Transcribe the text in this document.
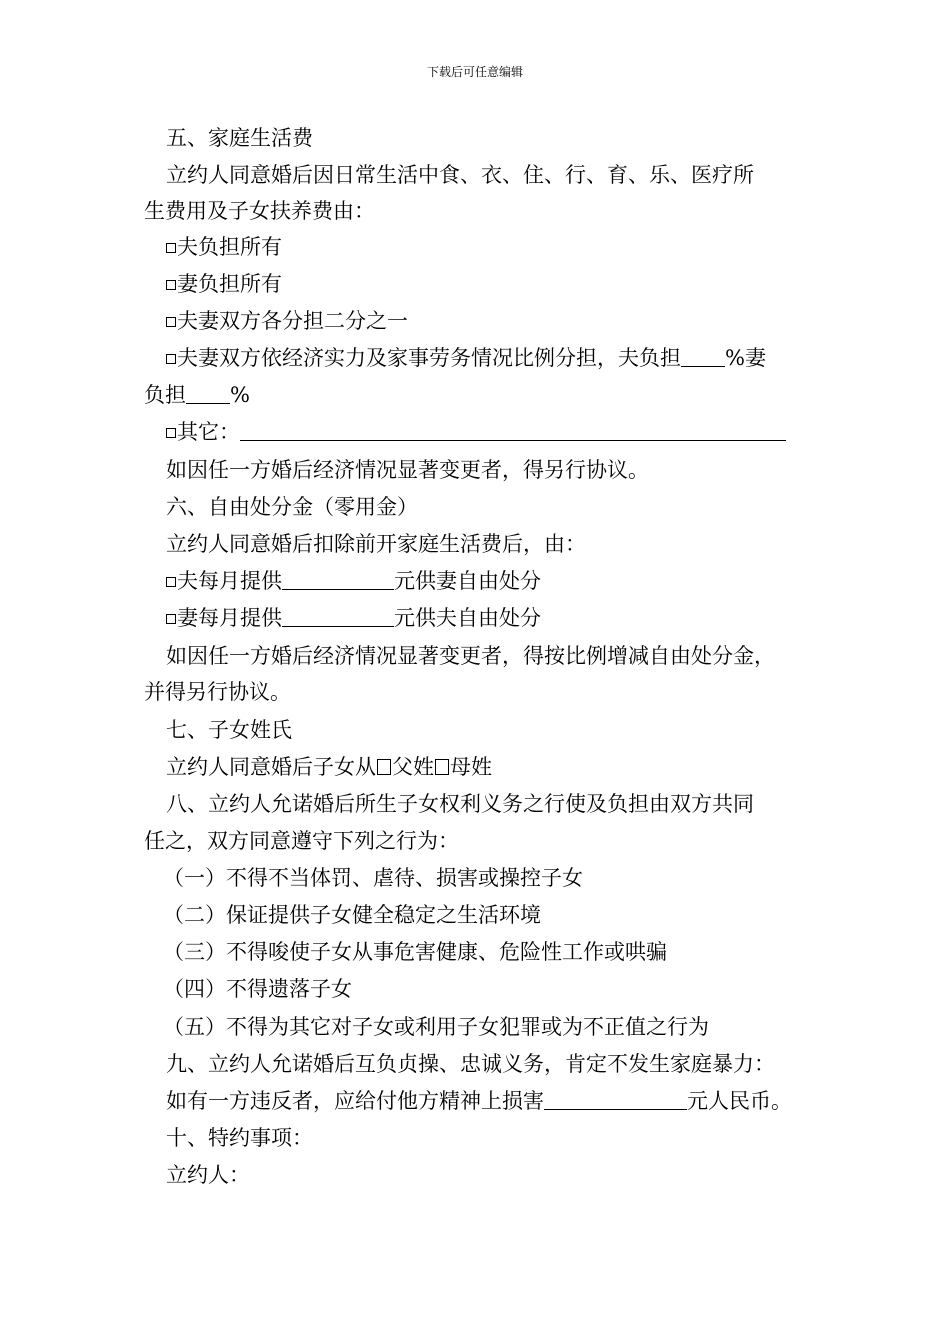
下载后可任意编辑
五、家庭生活费
立约人同意婚后因日常生活中食、衣、住、行、育、乐、医疗所
生费用及子女扶养费由：
夫负担所有
妻负担所有
夫妻双方各分担二分之一
夫妻双方依经济实力及家事劳务情况比例分担，夫负担 %妻
负担 %
其它：
如因任一方婚后经济情况显著变更者，得另行协议。
六、自由处分金（零用金）
立约人同意婚后扣除前开家庭生活费后，由：
夫每月提供	元供妻自由处分
妻每月提供	元供夫自由处分
如因任一方婚后经济情况显著变更者，得按比例增减自由处分金，
并得另行协议。
七、子女姓氏
立约人同意婚后子女从 父姓 母姓
八、立约人允诺婚后所生子女权利义务之行使及负担由双方共同
任之，双方同意遵守下列之行为：
（一）不得不当体罚、虐待、损害或操控子女
（二）保证提供子女健全稳定之生活环境
（三）不得唆使子女从事危害健康、危险性工作或哄骗
（四）不得遗落子女
（五）不得为其它对子女或利用子女犯罪或为不正值之行为
九、立约人允诺婚后互负贞操、忠诚义务，肯定不发生家庭暴力：
如有一方违反者，应给付他方精神上损害	元人民币。
十、特约事项：
立约人：
